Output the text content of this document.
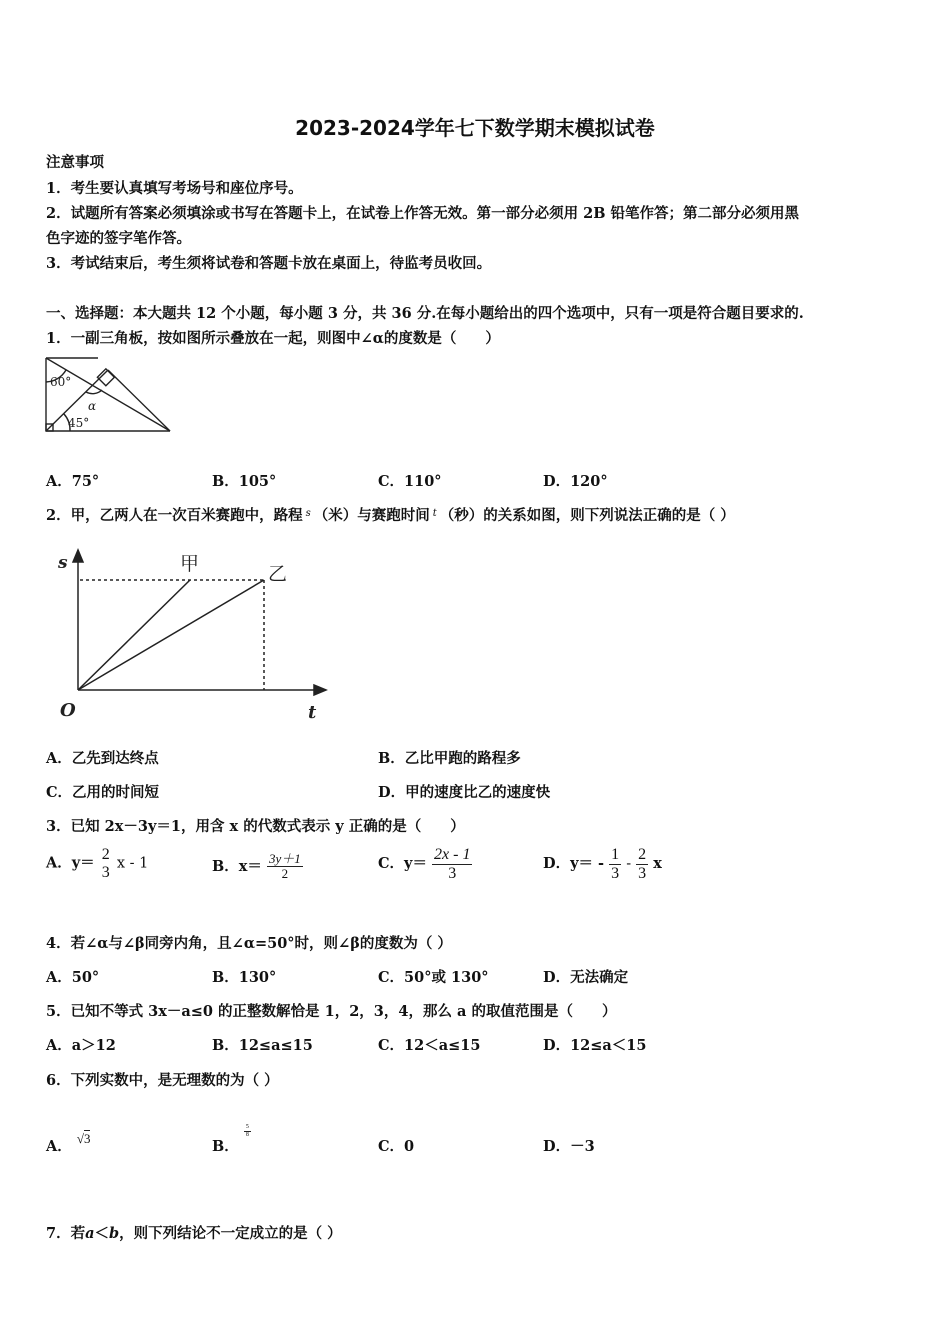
2023-2024学年七下数学期末模拟试卷
注意事项
1．考生要认真填写考场号和座位序号。
2．试题所有答案必须填涂或书写在答题卡上，在试卷上作答无效。第一部分必须用 2B 铅笔作答；第二部分必须用黑
色字迹的签字笔作答。
3．考试结束后，考生须将试卷和答题卡放在桌面上，待监考员收回。
一、选择题：本大题共 12 个小题，每小题 3 分，共 36 分.在每小题给出的四个选项中，只有一项是符合题目要求的.
1．一副三角板，按如图所示叠放在一起，则图中∠α的度数是（　　）
60°
45°
α
A．75°	B．105°	C．110°	D．120°
2．甲，乙两人在一次百米赛跑中，路程 $^s$ （米）与赛跑时间 $^t$ （秒）的关系如图，则下列说法正确的是（ ）
s
O	t
甲	乙
A．乙先到达终点	B．乙比甲跑的路程多
C．乙用的时间短	D．甲的速度比乙的速度快
3．已知 2x－3y＝1，用含 x 的代数式表示 y 正确的是（　　）
A．y＝
2
3 x - 1	B．$x= \frac{3y+1}{2}$	C．$y= \frac{2x - 1}{3}$	D．$y= - \frac{1}{3} - \frac{2}{3}$ x
4．若∠α与∠β同旁内角，且∠α=50°时，则∠β的度数为（ ）
A．50°	B．130°	C．50°或 130°	D．无法确定
5．已知不等式 3x－a≤0 的正整数解恰是 1，2，3，4，那么 a 的取值范围是（　　）
A．a＞12	B．12≤a≤15	C．12＜a≤15	D．12≤a＜15
6．下列实数中，是无理数的为（ ）
A． √3	B．
$\frac{5}{8}$
C．0	D．－3
7．若a＜b，则下列结论不一定成立的是（ ）
